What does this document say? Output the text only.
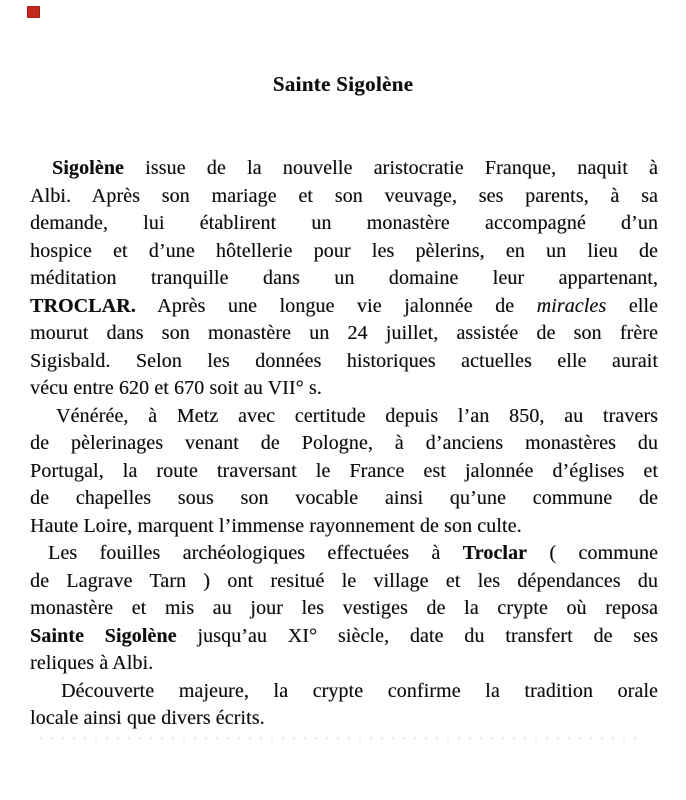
Sainte Sigolène
Sigolène issue de la nouvelle aristocratie Franque, naquit à
Albi. Après son mariage et son veuvage, ses parents, à sa
demande, lui établirent un monastère accompagné d’un
hospice et d’une hôtellerie pour les pèlerins, en un lieu de
méditation tranquille dans un domaine leur appartenant,
TROCLAR. Après une longue vie jalonnée de miracles elle
mourut dans son monastère un 24 juillet, assistée de son frère
Sigisbald. Selon les données historiques actuelles elle aurait
vécu entre 620 et 670 soit au VII° s.
Vénérée, à Metz avec certitude depuis l’an 850, au travers
de pèlerinages venant de Pologne, à d’anciens monastères du
Portugal, la route traversant le France est jalonnée d’églises et
de chapelles sous son vocable ainsi qu’une commune de
Haute Loire, marquent l’immense rayonnement de son culte.
Les fouilles archéologiques effectuées à Troclar ( commune
de Lagrave Tarn ) ont resitué le village et les dépendances du
monastère et mis au jour les vestiges de la crypte où reposa
Sainte Sigolène jusqu’au XI° siècle, date du transfert de ses
reliques à Albi.
Découverte majeure, la crypte confirme la tradition orale
locale ainsi que divers écrits.
